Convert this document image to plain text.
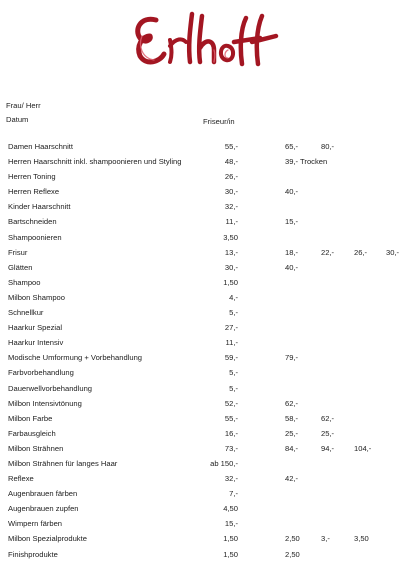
Frau/ Herr
Datum	Friseur/in
Damen Haarschnitt	55,-	65,-	80,-
Herren Haarschnitt inkl. shampoonieren und Styling	48,-	39,- Trocken
Herren Toning	26,-
Herren Reflexe	30,-	40,-
Kinder Haarschnitt	32,-
Bartschneiden	11,-	15,-
Shampoonieren	3,50
Frisur	13,-	18,-	22,-	26,- 30,-
Glätten	30,-	40,-
Shampoo	1,50
Milbon Shampoo	4,-
Schnellkur	5,-
Haarkur Spezial	27,-
Haarkur Intensiv	11,-
Modische Umformung + Vorbehandlung	59,-	79,-
Farbvorbehandlung	5,-
Dauerwellvorbehandlung	5,-
Milbon Intensivtönung	52,-	62,-
Milbon Farbe	55,-	58,-	62,-
Farbausgleich	16,-	25,-	25,-
Milbon Strähnen	73,-	84,-	94,-	104,-
Milbon Strähnen für langes Haar	ab 150,-
Reflexe	32,-	42,-
Augenbrauen färben	7,-
Augenbrauen zupfen	4,50
Wimpern färben	15,-
Milbon Spezialprodukte	1,50	2,50	3,-	3,50
Finishprodukte	1,50	2,50
